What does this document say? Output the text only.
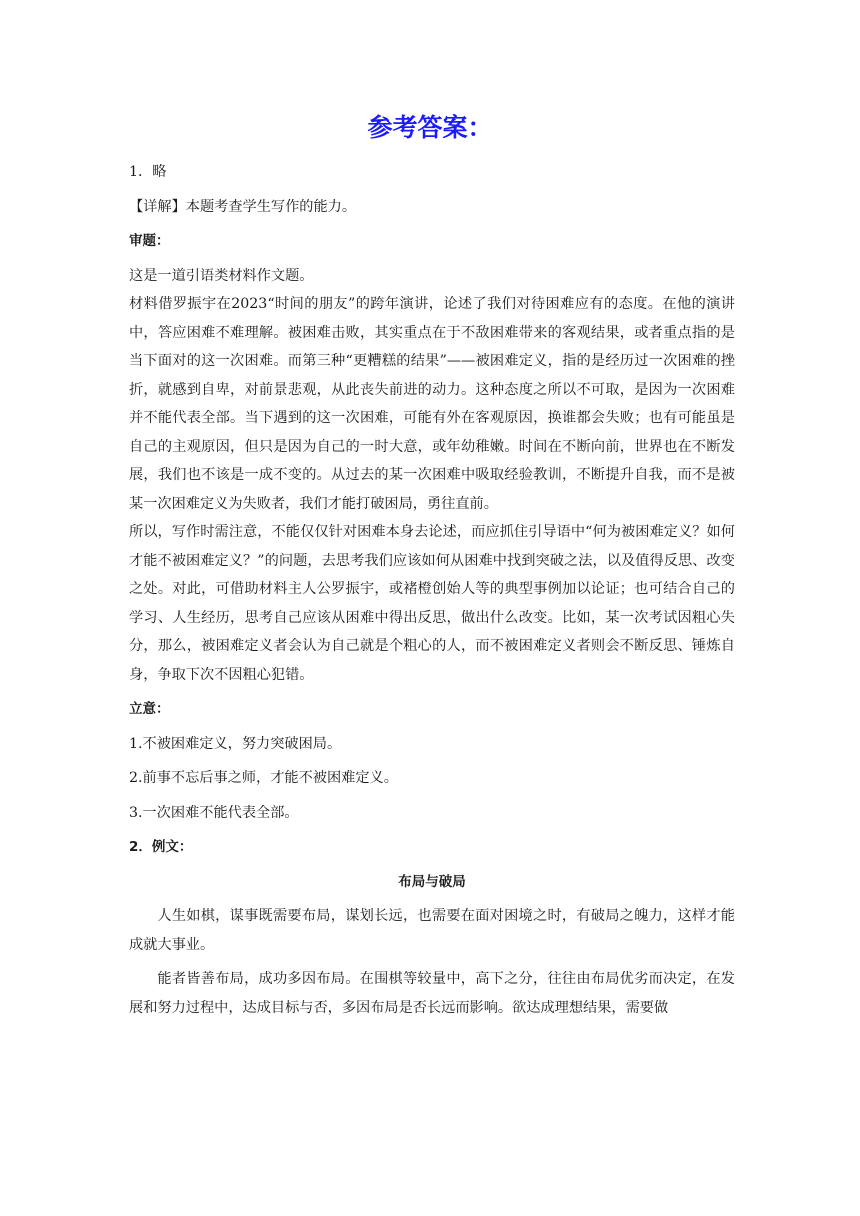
参考答案：

1．略

【详解】本题考查学生写作的能力。

审题：

这是一道引语类材料作文题。

材料借罗振宇在2023“时间的朋友”的跨年演讲，论述了我们对待困难应有的态度。在他的演讲中，答应困难不难理解。被困难击败，其实重点在于不敌困难带来的客观结果，或者重点指的是当下面对的这一次困难。而第三种“更糟糕的结果”——被困难定义，指的是经历过一次困难的挫折，就感到自卑，对前景悲观，从此丧失前进的动力。这种态度之所以不可取，是因为一次困难并不能代表全部。当下遇到的这一次困难，可能有外在客观原因，换谁都会失败；也有可能虽是自己的主观原因，但只是因为自己的一时大意，或年幼稚嫩。时间在不断向前，世界也在不断发展，我们也不该是一成不变的。从过去的某一次困难中吸取经验教训，不断提升自我，而不是被某一次困难定义为失败者，我们才能打破困局，勇往直前。

所以，写作时需注意，不能仅仅针对困难本身去论述，而应抓住引导语中“何为被困难定义？如何才能不被困难定义？”的问题，去思考我们应该如何从困难中找到突破之法，以及值得反思、改变之处。对此，可借助材料主人公罗振宇，或褚橙创始人等的典型事例加以论证；也可结合自己的学习、人生经历，思考自己应该从困难中得出反思，做出什么改变。比如，某一次考试因粗心失分，那么，被困难定义者会认为自己就是个粗心的人，而不被困难定义者则会不断反思、锤炼自身，争取下次不因粗心犯错。

立意：

1.不被困难定义，努力突破困局。

2.前事不忘后事之师，才能不被困难定义。

3.一次困难不能代表全部。

2．例文：

布局与破局

人生如棋，谋事既需要布局，谋划长远，也需要在面对困境之时，有破局之魄力，这样才能成就大事业。

能者皆善布局，成功多因布局。在围棋等较量中，高下之分，往往由布局优劣而决定，在发展和努力过程中，达成目标与否，多因布局是否长远而影响。欲达成理想结果，需要做
